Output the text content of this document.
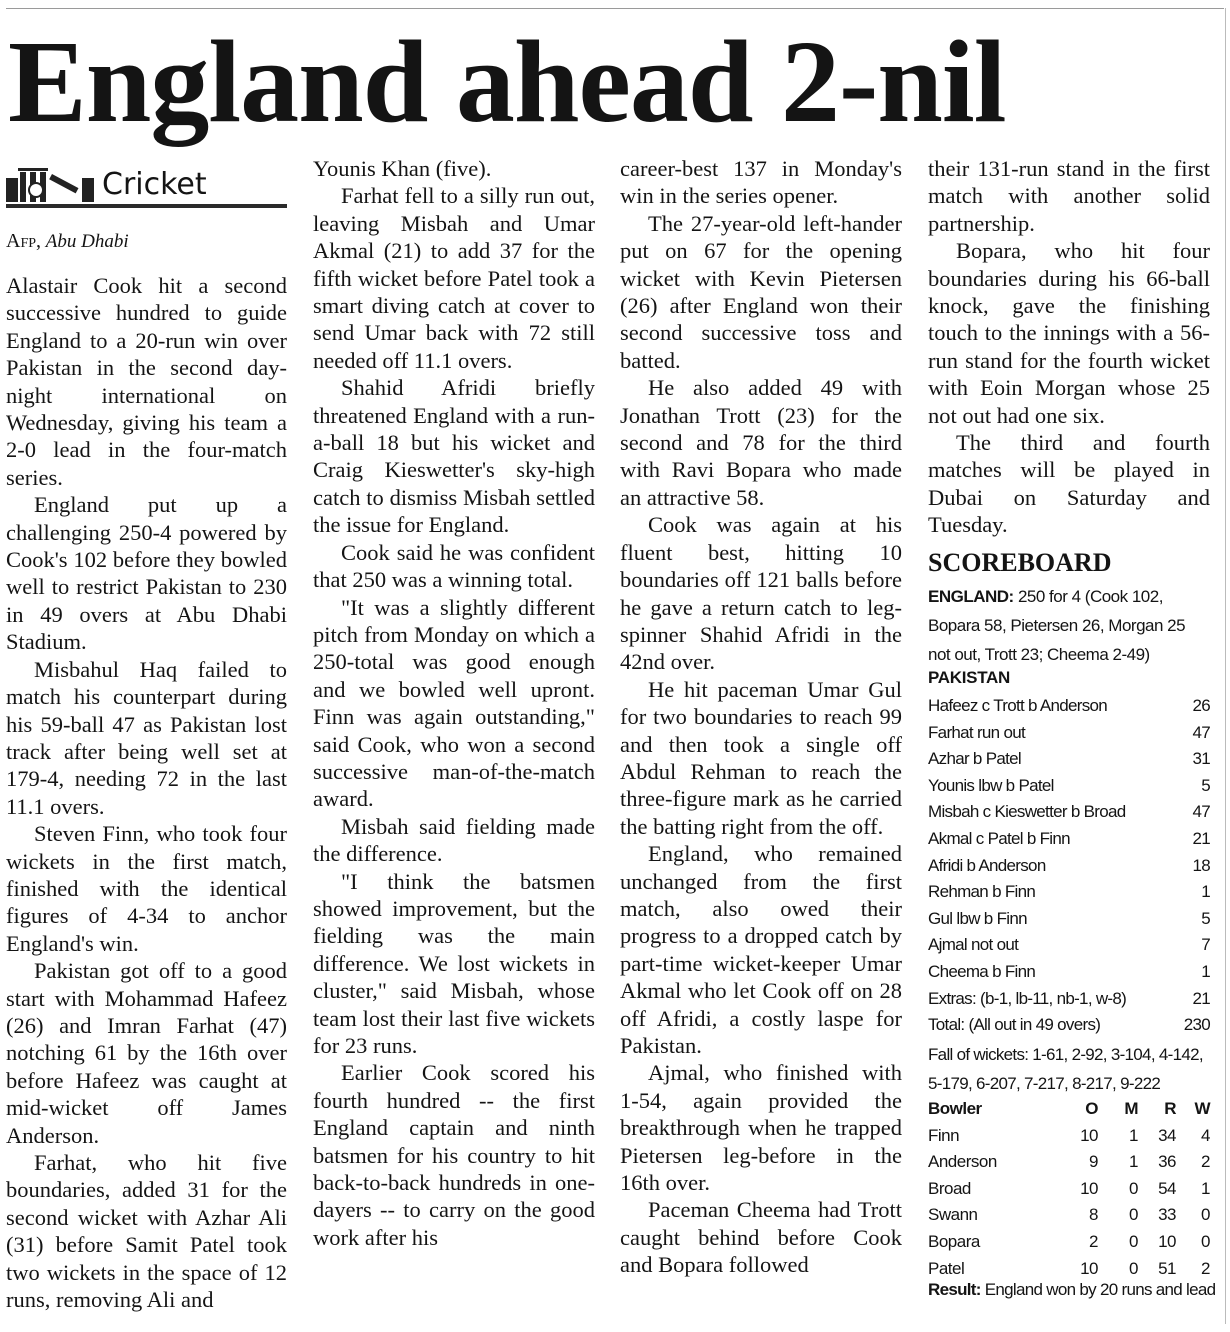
England ahead 2-nil
Cricket
Afp, Abu Dhabi

Alastair Cook hit a second successive hundred to guide England to a 20-run win over Pakistan in the second day-night international on Wednesday, giving his team a 2-0 lead in the four-match series.

England put up a challenging 250-4 powered by Cook's 102 before they bowled well to restrict Pakistan to 230 in 49 overs at Abu Dhabi Stadium.

Misbahul Haq failed to match his counterpart during his 59-ball 47 as Pakistan lost track after being well set at 179-4, needing 72 in the last 11.1 overs.

Steven Finn, who took four wickets in the first match, finished with the identical figures of 4-34 to anchor England's win.

Pakistan got off to a good start with Mohammad Hafeez (26) and Imran Farhat (47) notching 61 by the 16th over before Hafeez was caught at mid-wicket off James Anderson.

Farhat, who hit five boundaries, added 31 for the second wicket with Azhar Ali (31) before Samit Patel took two wickets in the space of 12 runs, removing Ali and

Younis Khan (five).

Farhat fell to a silly run out, leaving Misbah and Umar Akmal (21) to add 37 for the fifth wicket before Patel took a smart diving catch at cover to send Umar back with 72 still needed off 11.1 overs.

Shahid Afridi briefly threatened England with a run-a-ball 18 but his wicket and Craig Kieswetter's sky-high catch to dismiss Misbah settled the issue for England.

Cook said he was confident that 250 was a winning total.

"It was a slightly different pitch from Monday on which a 250-total was good enough and we bowled well upront. Finn was again outstanding," said Cook, who won a second successive man-of-the-match award.

Misbah said fielding made the difference.

"I think the batsmen showed improvement, but the fielding was the main difference. We lost wickets in cluster," said Misbah, whose team lost their last five wickets for 23 runs.

Earlier Cook scored his fourth hundred -- the first England captain and ninth batsmen for his country to hit back-to-back hundreds in one-dayers -- to carry on the good work after his

career-best 137 in Monday's win in the series opener.

The 27-year-old left-hander put on 67 for the opening wicket with Kevin Pietersen (26) after England won their second successive toss and batted.

He also added 49 with Jonathan Trott (23) for the second and 78 for the third with Ravi Bopara who made an attractive 58.

Cook was again at his fluent best, hitting 10 boundaries off 121 balls before he gave a return catch to leg-spinner Shahid Afridi in the 42nd over.

He hit paceman Umar Gul for two boundaries to reach 99 and then took a single off Abdul Rehman to reach the three-figure mark as he carried the batting right from the off.

England, who remained unchanged from the first match, also owed their progress to a dropped catch by part-time wicket-keeper Umar Akmal who let Cook off on 28 off Afridi, a costly laspe for Pakistan.

Ajmal, who finished with 1-54, again provided the breakthrough when he trapped Pietersen leg-before in the 16th over.

Paceman Cheema had Trott caught behind before Cook and Bopara followed

their 131-run stand in the first match with another solid partnership.

Bopara, who hit four boundaries during his 66-ball knock, gave the finishing touch to the innings with a 56-run stand for the fourth wicket with Eoin Morgan whose 25 not out had one six.

The third and fourth matches will be played in Dubai on Saturday and Tuesday.

SCOREBOARD
ENGLAND: 250 for 4 (Cook 102, Bopara 58, Pietersen 26, Morgan 25 not out, Trott 23; Cheema 2-49)
PAKISTAN
Hafeez c Trott b Anderson	26
Farhat run out	47
Azhar b Patel	31
Younis lbw b Patel	5
Misbah c Kieswetter b Broad	47
Akmal c Patel b Finn	21
Afridi b Anderson	18
Rehman b Finn	1
Gul lbw b Finn	5
Ajmal not out	7
Cheema b Finn	1
Extras: (b-1, lb-11, nb-1, w-8)	21
Total: (All out in 49 overs)	230
Fall of wickets: 1-61, 2-92, 3-104, 4-142, 5-179, 6-207, 7-217, 8-217, 9-222
Bowler	O	M	R	W
Finn	10	1	34	4
Anderson	9	1	36	2
Broad	10	0	54	1
Swann	8	0	33	0
Bopara	2	0	10	0
Patel	10	0	51	2
Result: England won by 20 runs and lead
